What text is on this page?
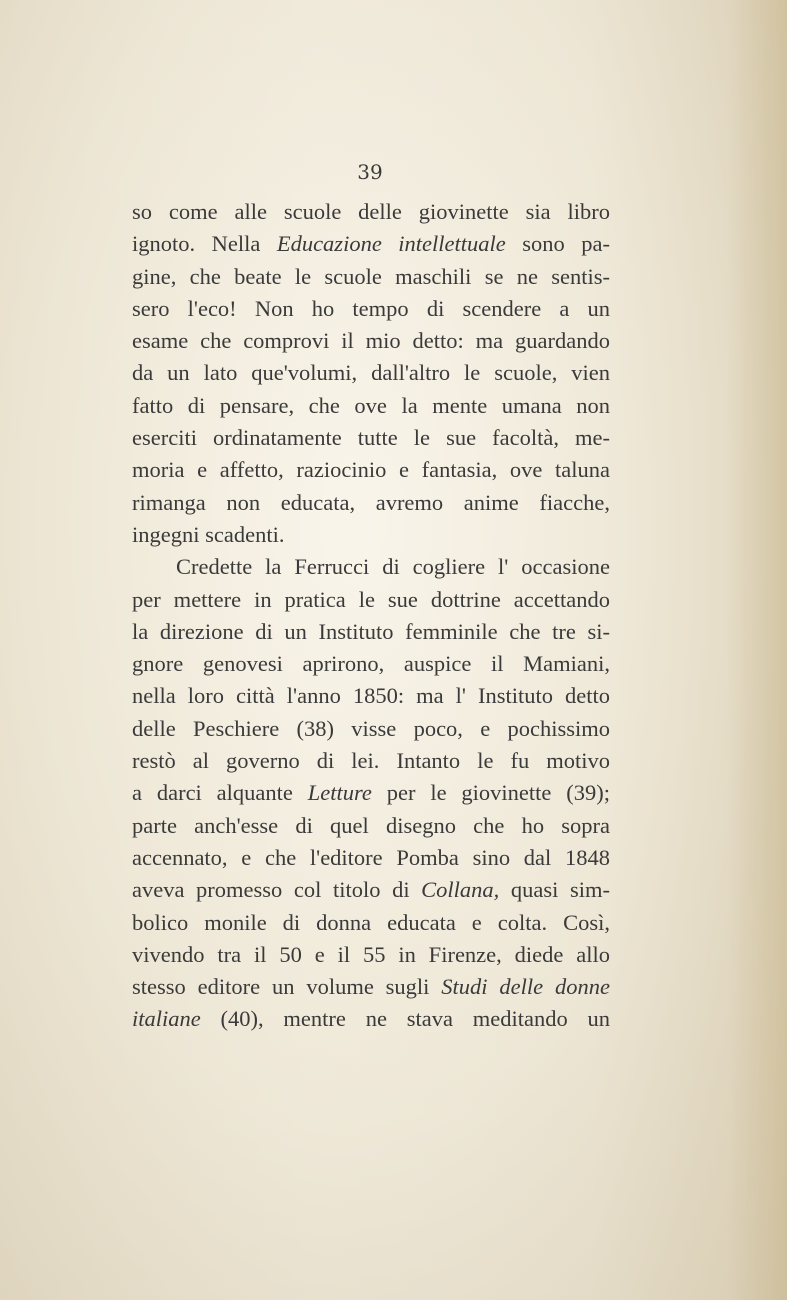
39
so come alle scuole delle giovinette sia libro
ignoto. Nella Educazione intellettuale sono pa-
gine, che beate le scuole maschili se ne sentis-
sero l'eco! Non ho tempo di scendere a un
esame che comprovi il mio detto: ma guardando
da un lato que'volumi, dall'altro le scuole, vien
fatto di pensare, che ove la mente umana non
eserciti ordinatamente tutte le sue facoltà, me-
moria e affetto, raziocinio e fantasia, ove taluna
rimanga non educata, avremo anime fiacche,
ingegni scadenti.
Credette la Ferrucci di cogliere l' occasione
per mettere in pratica le sue dottrine accettando
la direzione di un Instituto femminile che tre si-
gnore genovesi aprirono, auspice il Mamiani,
nella loro città l'anno 1850: ma l' Instituto detto
delle Peschiere (38) visse poco, e pochissimo
restò al governo di lei. Intanto le fu motivo
a darci alquante Letture per le giovinette (39);
parte anch'esse di quel disegno che ho sopra
accennato, e che l'editore Pomba sino dal 1848
aveva promesso col titolo di Collana, quasi sim-
bolico monile di donna educata e colta. Così,
vivendo tra il 50 e il 55 in Firenze, diede allo
stesso editore un volume sugli Studi delle donne
italiane (40), mentre ne stava meditando un
